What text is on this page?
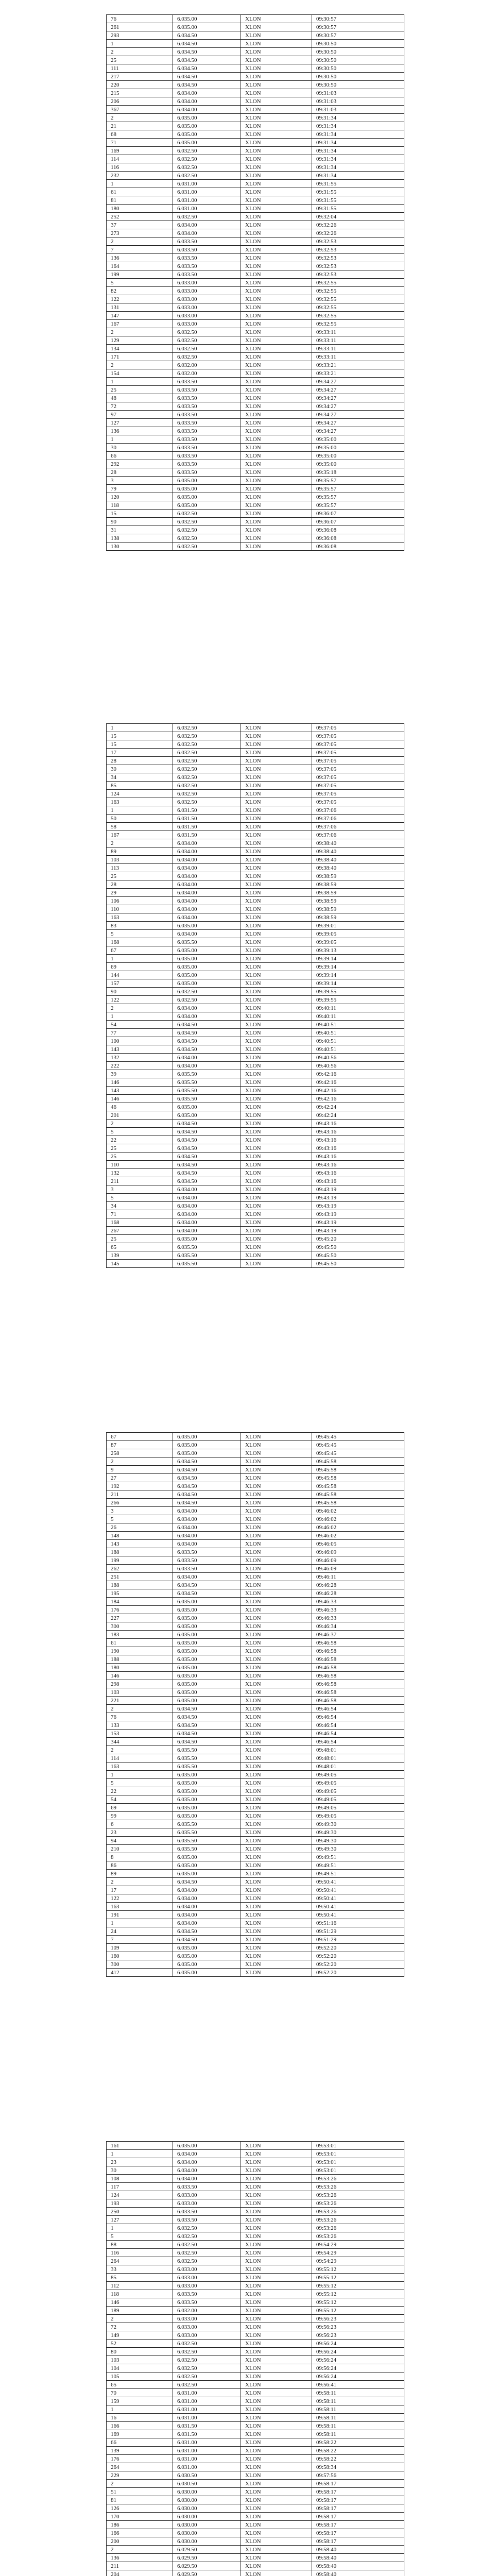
76	6.035.00	XLON	09:30:57
261	6.035.00	XLON	09:30:57
293	6.034.50	XLON	09:30:57
1	6.034.50	XLON	09:30:50
2	6.034.50	XLON	09:30:50
25	6.034.50	XLON	09:30:50
111	6.034.50	XLON	09:30:50
217	6.034.50	XLON	09:30:50
220	6.034.50	XLON	09:30:50
215	6.034.00	XLON	09:31:03
206	6.034.00	XLON	09:31:03
367	6.034.00	XLON	09:31:03
2	6.035.00	XLON	09:31:34
21	6.035.00	XLON	09:31:34
68	6.035.00	XLON	09:31:34
71	6.035.00	XLON	09:31:34
169	6.032.50	XLON	09:31:34
114	6.032.50	XLON	09:31:34
116	6.032.50	XLON	09:31:34
232	6.032.50	XLON	09:31:34
1	6.031.00	XLON	09:31:55
61	6.031.00	XLON	09:31:55
81	6.031.00	XLON	09:31:55
180	6.031.00	XLON	09:31:55
252	6.032.50	XLON	09:32:04
37	6.034.00	XLON	09:32:26
273	6.034.00	XLON	09:32:26
2	6.033.50	XLON	09:32:53
7	6.033.50	XLON	09:32:53
136	6.033.50	XLON	09:32:53
164	6.033.50	XLON	09:32:53
199	6.033.50	XLON	09:32:53
5	6.033.00	XLON	09:32:55
82	6.033.00	XLON	09:32:55
122	6.033.00	XLON	09:32:55
131	6.033.00	XLON	09:32:55
147	6.033.00	XLON	09:32:55
167	6.033.00	XLON	09:32:55
2	6.032.50	XLON	09:33:11
129	6.032.50	XLON	09:33:11
134	6.032.50	XLON	09:33:11
171	6.032.50	XLON	09:33:11
2	6.032.00	XLON	09:33:21
154	6.032.00	XLON	09:33:21
1	6.033.50	XLON	09:34:27
25	6.033.50	XLON	09:34:27
48	6.033.50	XLON	09:34:27
72	6.033.50	XLON	09:34:27
97	6.033.50	XLON	09:34:27
127	6.033.50	XLON	09:34:27
136	6.033.50	XLON	09:34:27
1	6.033.50	XLON	09:35:00
30	6.033.50	XLON	09:35:00
66	6.033.50	XLON	09:35:00
292	6.033.50	XLON	09:35:00
28	6.033.50	XLON	09:35:18
3	6.035.00	XLON	09:35:57
79	6.035.00	XLON	09:35:57
120	6.035.00	XLON	09:35:57
118	6.035.00	XLON	09:35:57
15	6.032.50	XLON	09:36:07
90	6.032.50	XLON	09:36:07
31	6.032.50	XLON	09:36:08
138	6.032.50	XLON	09:36:08
130	6.032.50	XLON	09:36:08
1	6.032.50	XLON	09:37:05
15	6.032.50	XLON	09:37:05
15	6.032.50	XLON	09:37:05
17	6.032.50	XLON	09:37:05
28	6.032.50	XLON	09:37:05
30	6.032.50	XLON	09:37:05
34	6.032.50	XLON	09:37:05
85	6.032.50	XLON	09:37:05
124	6.032.50	XLON	09:37:05
163	6.032.50	XLON	09:37:05
1	6.031.50	XLON	09:37:06
50	6.031.50	XLON	09:37:06
58	6.031.50	XLON	09:37:06
167	6.031.50	XLON	09:37:06
2	6.034.00	XLON	09:38:40
89	6.034.00	XLON	09:38:40
103	6.034.00	XLON	09:38:40
113	6.034.00	XLON	09:38:40
25	6.034.00	XLON	09:38:59
28	6.034.00	XLON	09:38:59
29	6.034.00	XLON	09:38:59
106	6.034.00	XLON	09:38:59
110	6.034.00	XLON	09:38:59
163	6.034.00	XLON	09:38:59
83	6.035.00	XLON	09:39:01
5	6.034.00	XLON	09:39:05
168	6.035.50	XLON	09:39:05
67	6.035.00	XLON	09:39:13
1	6.035.00	XLON	09:39:14
69	6.035.00	XLON	09:39:14
144	6.035.00	XLON	09:39:14
157	6.035.00	XLON	09:39:14
90	6.032.50	XLON	09:39:55
122	6.032.50	XLON	09:39:55
2	6.034.00	XLON	09:40:11
1	6.034.00	XLON	09:40:11
54	6.034.50	XLON	09:40:51
77	6.034.50	XLON	09:40:51
100	6.034.50	XLON	09:40:51
143	6.034.50	XLON	09:40:51
132	6.034.00	XLON	09:40:56
222	6.034.00	XLON	09:40:56
39	6.035.50	XLON	09:42:16
146	6.035.50	XLON	09:42:16
143	6.035.50	XLON	09:42:16
146	6.035.50	XLON	09:42:16
46	6.035.00	XLON	09:42:24
201	6.035.00	XLON	09:42:24
2	6.034.50	XLON	09:43:16
5	6.034.50	XLON	09:43:16
22	6.034.50	XLON	09:43:16
25	6.034.50	XLON	09:43:16
25	6.034.50	XLON	09:43:16
110	6.034.50	XLON	09:43:16
132	6.034.50	XLON	09:43:16
211	6.034.50	XLON	09:43:16
3	6.034.00	XLON	09:43:19
5	6.034.00	XLON	09:43:19
34	6.034.00	XLON	09:43:19
71	6.034.00	XLON	09:43:19
168	6.034.00	XLON	09:43:19
267	6.034.00	XLON	09:43:19
25	6.035.00	XLON	09:45:20
65	6.035.50	XLON	09:45:50
139	6.035.50	XLON	09:45:50
145	6.035.50	XLON	09:45:50
67	6.035.00	XLON	09:45:45
87	6.035.00	XLON	09:45:45
258	6.035.00	XLON	09:45:45
2	6.034.50	XLON	09:45:58
9	6.034.50	XLON	09:45:58
27	6.034.50	XLON	09:45:58
192	6.034.50	XLON	09:45:58
211	6.034.50	XLON	09:45:58
266	6.034.50	XLON	09:45:58
3	6.034.00	XLON	09:46:02
5	6.034.00	XLON	09:46:02
26	6.034.00	XLON	09:46:02
148	6.034.00	XLON	09:46:02
143	6.034.00	XLON	09:46:05
188	6.033.50	XLON	09:46:09
199	6.033.50	XLON	09:46:09
262	6.033.50	XLON	09:46:09
251	6.034.00	XLON	09:46:11
188	6.034.50	XLON	09:46:28
195	6.034.50	XLON	09:46:28
184	6.035.00	XLON	09:46:33
176	6.035.00	XLON	09:46:33
227	6.035.00	XLON	09:46:33
300	6.035.00	XLON	09:46:34
183	6.035.00	XLON	09:46:37
61	6.035.00	XLON	09:46:58
190	6.035.00	XLON	09:46:58
188	6.035.00	XLON	09:46:58
180	6.035.00	XLON	09:46:58
146	6.035.00	XLON	09:46:58
298	6.035.00	XLON	09:46:58
103	6.035.00	XLON	09:46:58
221	6.035.00	XLON	09:46:58
2	6.034.50	XLON	09:46:54
76	6.034.50	XLON	09:46:54
133	6.034.50	XLON	09:46:54
153	6.034.50	XLON	09:46:54
344	6.034.50	XLON	09:46:54
2	6.035.50	XLON	09:48:01
114	6.035.50	XLON	09:48:01
163	6.035.50	XLON	09:48:01
1	6.035.00	XLON	09:49:05
5	6.035.00	XLON	09:49:05
22	6.035.00	XLON	09:49:05
54	6.035.00	XLON	09:49:05
69	6.035.00	XLON	09:49:05
99	6.035.00	XLON	09:49:05
6	6.035.50	XLON	09:49:30
23	6.035.50	XLON	09:49:30
94	6.035.50	XLON	09:49:30
210	6.035.50	XLON	09:49:30
8	6.035.00	XLON	09:49:51
86	6.035.00	XLON	09:49:51
89	6.035.00	XLON	09:49:51
2	6.034.50	XLON	09:50:41
17	6.034.00	XLON	09:50:41
122	6.034.00	XLON	09:50:41
163	6.034.00	XLON	09:50:41
191	6.034.00	XLON	09:50:41
1	6.034.00	XLON	09:51:16
24	6.034.50	XLON	09:51:29
7	6.034.50	XLON	09:51:29
109	6.035.00	XLON	09:52:20
160	6.035.00	XLON	09:52:20
300	6.035.00	XLON	09:52:20
412	6.035.00	XLON	09:52:20
161	6.035.00	XLON	09:53:01
1	6.034.00	XLON	09:53:01
23	6.034.00	XLON	09:53:01
30	6.034.00	XLON	09:53:01
108	6.034.00	XLON	09:53:26
117	6.033.50	XLON	09:53:26
124	6.033.00	XLON	09:53:26
193	6.033.00	XLON	09:53:26
250	6.033.50	XLON	09:53:26
127	6.033.50	XLON	09:53:26
1	6.032.50	XLON	09:53:26
5	6.032.50	XLON	09:53:26
88	6.032.50	XLON	09:54:29
116	6.032.50	XLON	09:54:29
264	6.032.50	XLON	09:54:29
33	6.033.00	XLON	09:55:12
85	6.033.00	XLON	09:55:12
112	6.033.00	XLON	09:55:12
118	6.033.50	XLON	09:55:12
146	6.033.50	XLON	09:55:12
189	6.032.00	XLON	09:55:12
2	6.033.00	XLON	09:56:23
72	6.033.00	XLON	09:56:23
149	6.033.00	XLON	09:56:23
52	6.032.50	XLON	09:56:24
80	6.032.50	XLON	09:56:24
103	6.032.50	XLON	09:56:24
104	6.032.50	XLON	09:56:24
105	6.032.50	XLON	09:56:24
65	6.032.50	XLON	09:56:41
70	6.031.00	XLON	09:58:11
159	6.031.00	XLON	09:58:11
1	6.031.00	XLON	09:58:11
16	6.031.00	XLON	09:58:11
166	6.031.50	XLON	09:58:11
169	6.031.50	XLON	09:58:11
66	6.031.00	XLON	09:58:22
139	6.031.00	XLON	09:58:22
176	6.031.00	XLON	09:58:22
264	6.031.00	XLON	09:58:34
229	6.030.50	XLON	09:57:56
2	6.030.50	XLON	09:58:17
51	6.030.00	XLON	09:58:17
81	6.030.00	XLON	09:58:17
126	6.030.00	XLON	09:58:17
170	6.030.00	XLON	09:58:17
186	6.030.00	XLON	09:58:17
166	6.030.00	XLON	09:58:17
200	6.030.00	XLON	09:58:17
2	6.029.50	XLON	09:58:40
136	6.029.50	XLON	09:58:40
211	6.029.50	XLON	09:58:40
204	6.029.50	XLON	09:58:40
